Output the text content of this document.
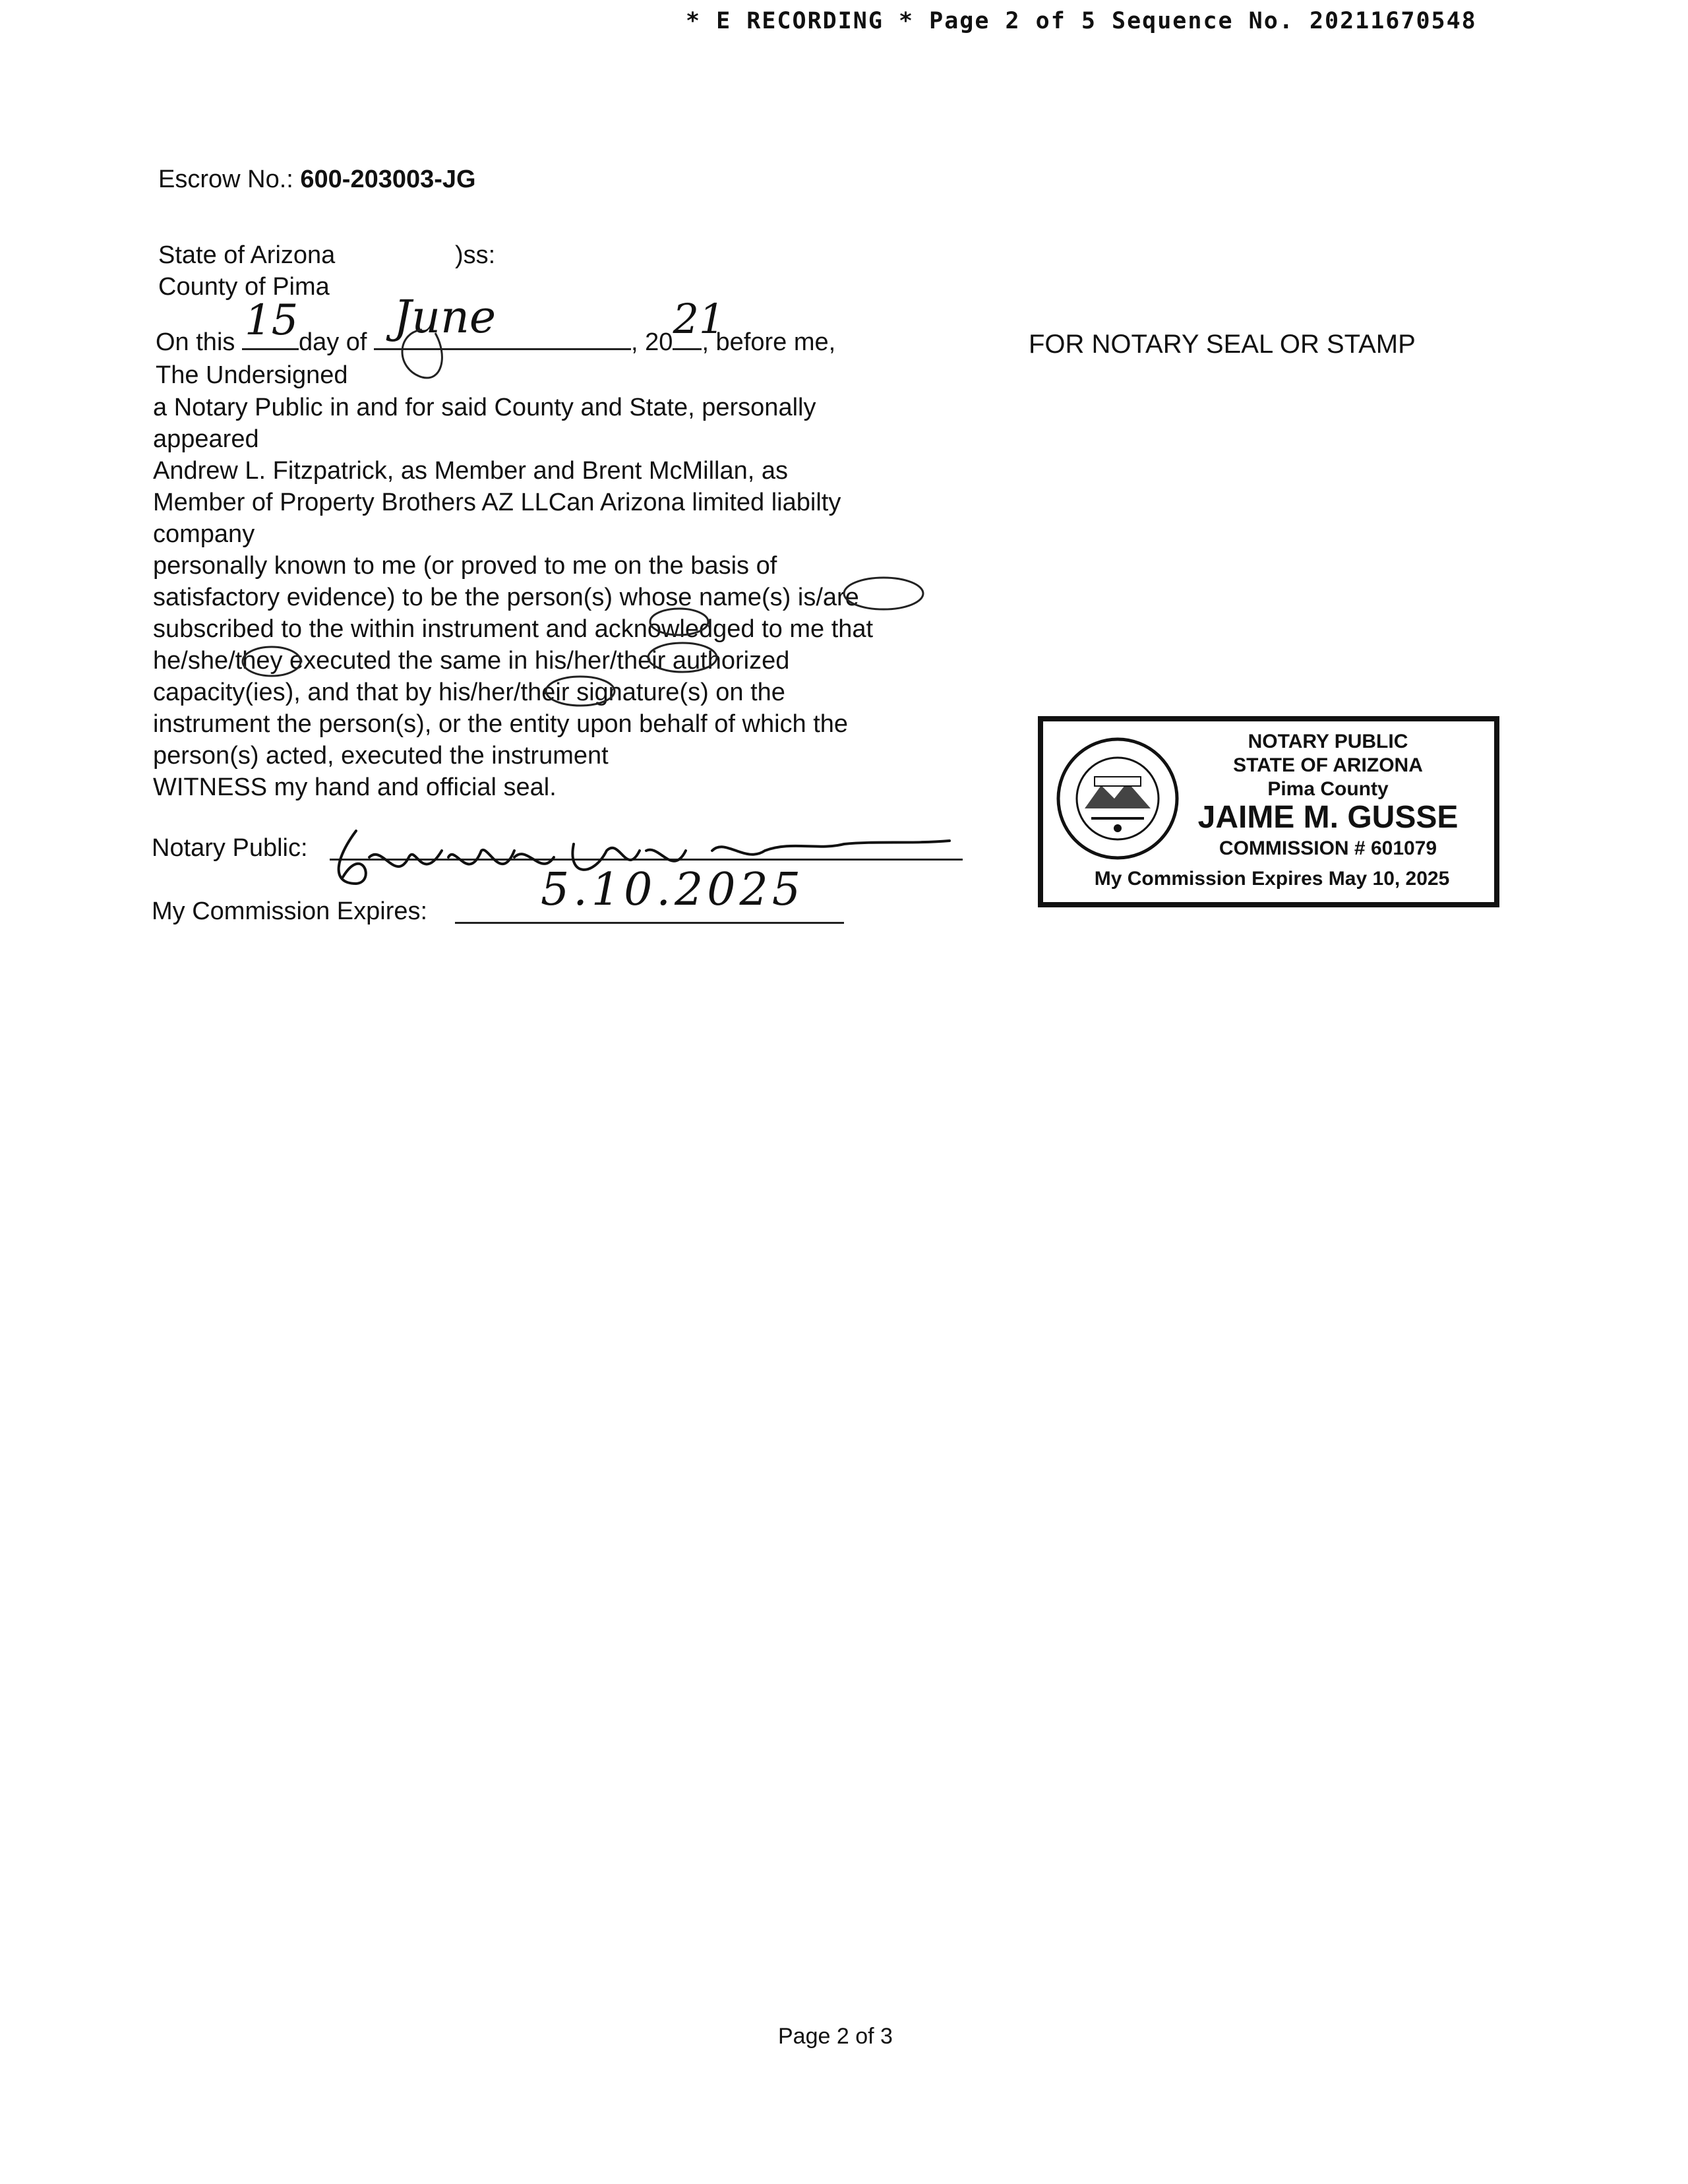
* E RECORDING * Page 2 of 5 Sequence No. 20211670548
Escrow No.: 600-203003-JG
State of Arizona	)ss:
County of Pima
On this 15 day of June	, 20 21
, before me,
The Undersigned
a Notary Public in and for said County and State, personally
appeared
Andrew L. Fitzpatrick, as Member and Brent McMillan, as
Member of Property Brothers AZ LLCan Arizona limited liabilty
company
personally known to me (or proved to me on the basis of
satisfactory evidence) to be the person(s) whose name(s) is/are
subscribed to the within instrument and acknowledged to me that
he/she/they executed the same in his/her/their authorized
capacity(ies), and that by his/her/their signature(s) on the
instrument the person(s), or the entity upon behalf of which the
person(s) acted, executed the instrument
WITNESS my hand and official seal.
Notary Public:
My Commission Expires:	5.10.2025
FOR NOTARY SEAL OR STAMP
NOTARY PUBLIC
STATE OF ARIZONA
Pima County
JAIME M. GUSSE
COMMISSION # 601079
My Commission Expires May 10, 2025
Page 2 of 3
